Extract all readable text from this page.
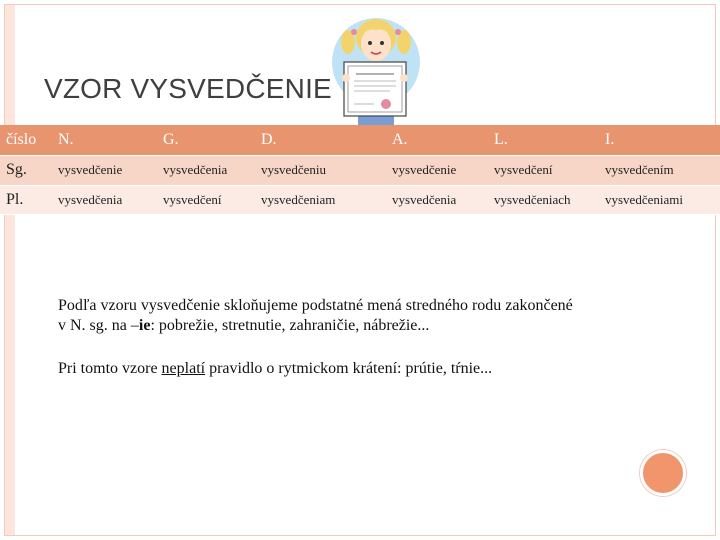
VZOR VYSVEDČENIE
číslo	N.	G.	D.	A.	L.	I.
Sg.	vysvedčenie	vysvedčenia	vysvedčeniu	vysvedčenie	vysvedčení	vysvedčením
Pl.	vysvedčenia	vysvedčení	vysvedčeniam	vysvedčenia	vysvedčeniach	vysvedčeniami

Podľa vzoru vysvedčenie skloňujeme podstatné mená stredného rodu zakončené
v N. sg. na –ie: pobrežie, stretnutie, zahraničie, nábrežie...

Pri tomto vzore neplatí pravidlo o rytmickom krátení: prútie, tŕnie...
